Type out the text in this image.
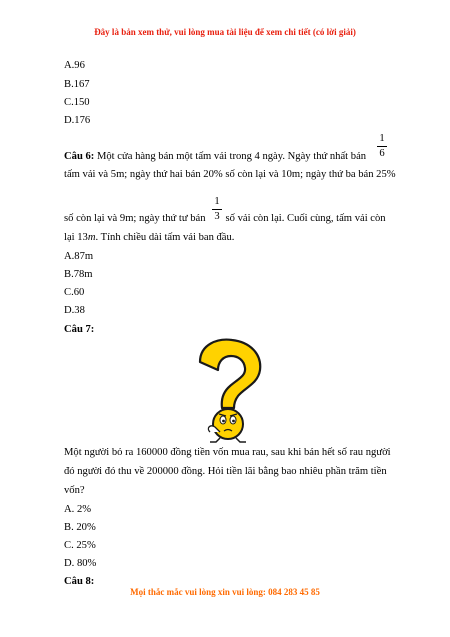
Đây là bản xem thử, vui lòng mua tài liệu để xem chi tiết (có lời giải)
A.96
B.167
C.150
D.176
Câu 6: Một cửa hàng bán một tấm vải trong 4 ngày. Ngày thứ nhất bán
1
6
tấm vải và 5m; ngày thứ hai bán 20% số còn lại và 10m; ngày thứ ba bán 25%
số còn lại và 9m; ngày thứ tư bán số vải còn lại. Cuối cùng, tấm vải còn
1
3
lại 13m. Tính chiều dài tấm vải ban đầu.
A.87m
B.78m
C.60
D.38
Câu 7:
Một người bỏ ra 160000 đồng tiền vốn mua rau, sau khi bán hết số rau người
đó người đó thu về 200000 đồng. Hỏi tiền lãi bằng bao nhiêu phần trăm tiền
vốn?
A. 2%
B. 20%
C. 25%
D. 80%
Câu 8:
Mọi thắc mắc vui lòng xin vui lòng: 084 283 45 85
